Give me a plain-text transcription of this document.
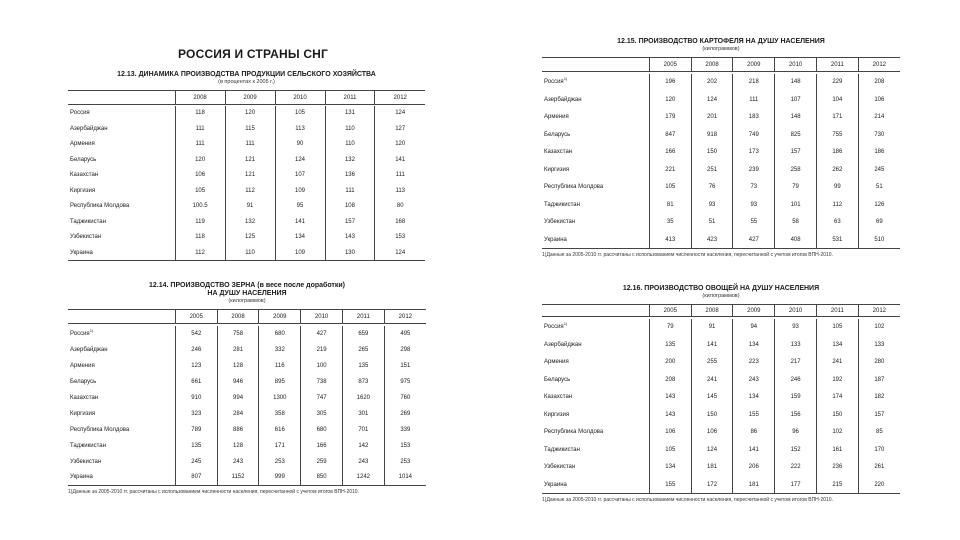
РОССИЯ И СТРАНЫ СНГ
12.13. ДИНАМИКА ПРОИЗВОДСТВА ПРОДУКЦИИ СЕЛЬСКОГО ХОЗЯЙСТВА
(в процентах к 2005 г.)
	2008	2009	2010	2011	2012

Россия	118	120	105	131	124
Азербайджан	111	115	113	110	127
Армения	111	111	90	110	120
Беларусь	120	121	124	132	141
Казахстан	106	121	107	136	111
Киргизия	105	112	109	111	113
Республика Молдова	100.5	91	95	108	80
Таджикистан	119	132	141	157	168
Узбекистан	118	125	134	143	153
Украина	112	110	109	130	124
12.14. ПРОИЗВОДСТВО ЗЕРНА (в весе после доработки)
НА ДУШУ НАСЕЛЕНИЯ
(килограммов)
	2005	2008	2009	2010	2011	2012

Россия$^{1)}$	542	758	680	427	659	495
Азербайджан	246	281	332	219	265	298
Армения	123	128	116	100	135	151
Беларусь	661	946	895	738	873	975
Казахстан	910	994	1300	747	1620	760
Киргизия	323	284	358	305	301	269
Республика Молдова	789	886	616	680	701	339
Таджикистан	135	128	171	166	142	153
Узбекистан	245	243	253	259	243	253
Украина	807	1152	999	850	1242	1014
1)Данные за 2005-2010 гг. рассчитаны с использованием численности населения, пересчитанной с учетом итогов ВПН-2010.
12.15. ПРОИЗВОДСТВО КАРТОФЕЛЯ НА ДУШУ НАСЕЛЕНИЯ
(килограммов)
	2005	2008	2009	2010	2011	2012

Россия$^{1)}$	196	202	218	148	229	208
Азербайджан	120	124	111	107	104	106
Армения	179	201	183	148	171	214
Беларусь	847	918	749	825	755	730
Казахстан	166	150	173	157	186	186
Киргизия	221	251	239	258	262	245
Республика Молдова	105	76	73	79	99	51
Таджикистан	81	93	93	101	112	126
Узбекистан	35	51	55	58	63	69
Украина	413	423	427	408	531	510
1)Данные за 2005-2010 гг. рассчитаны с использованием численности населения, пересчитанной с учетом итогов ВПН-2010.
12.16. ПРОИЗВОДСТВО ОВОЩЕЙ НА ДУШУ НАСЕЛЕНИЯ
(килограммов)
	2005	2008	2009	2010	2011	2012

Россия$^{1)}$	79	91	94	93	105	102
Азербайджан	135	141	134	133	134	133
Армения	200	255	223	217	241	280
Беларусь	208	241	243	246	192	187
Казахстан	143	145	134	159	174	182
Киргизия	143	150	155	156	150	157
Республика Молдова	106	106	86	96	102	85
Таджикистан	105	124	141	152	161	170
Узбекистан	134	181	206	222	236	261
Украина	155	172	181	177	215	220
1)Данные за 2005-2010 гг. рассчитаны с использованием численности населения, пересчитанной с учетом итогов ВПН-2010.
